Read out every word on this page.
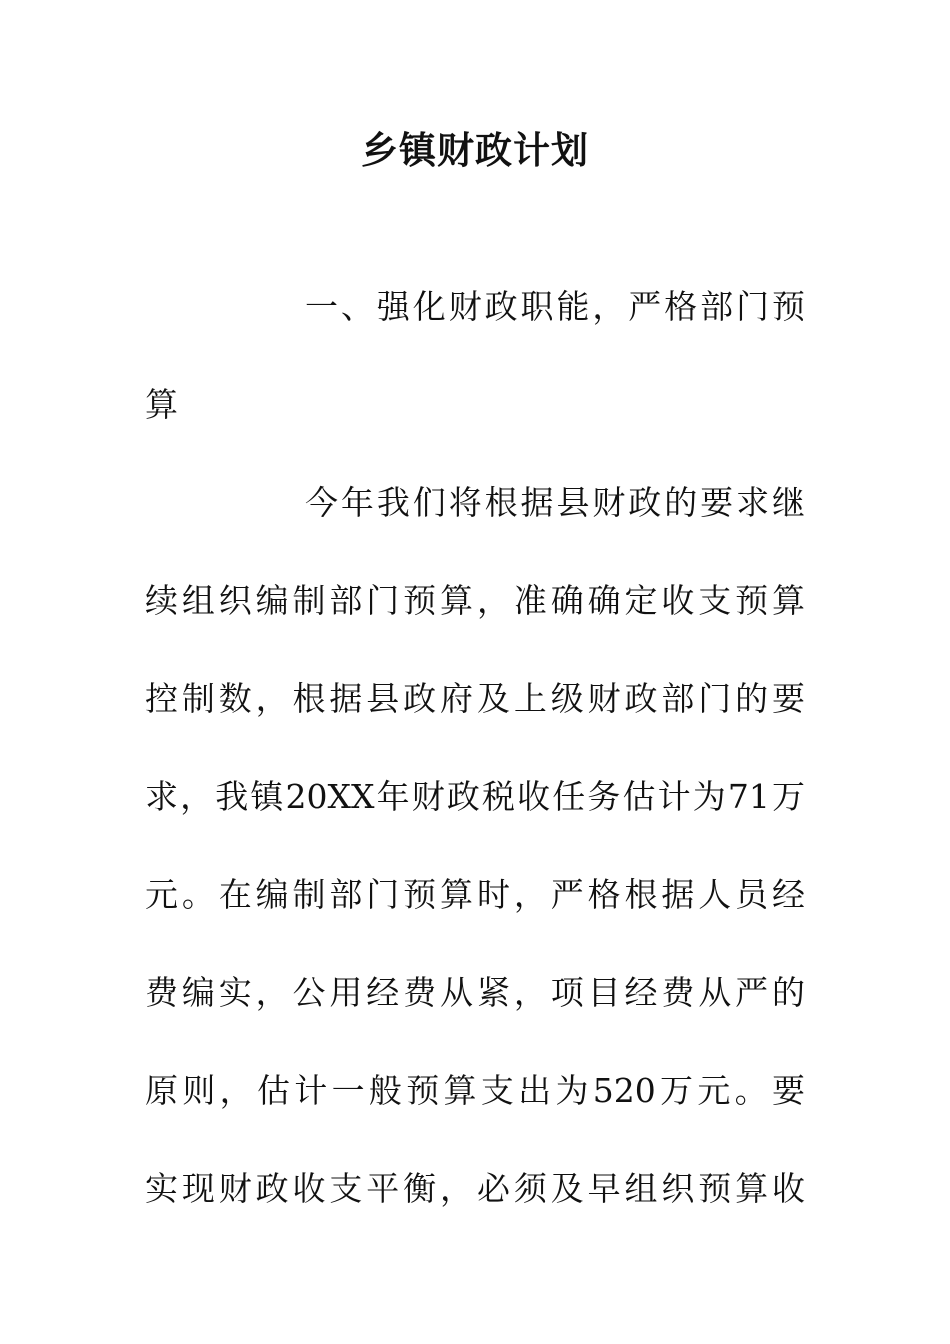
乡镇财政计划
一、强化财政职能，严格部门预
算
今年我们将根据县财政的要求继
续组织编制部门预算，准确确定收支预算
控制数，根据县政府及上级财政部门的要
求，我镇20XX年财政税收任务估计为71万
元。在编制部门预算时，严格根据人员经
费编实，公用经费从紧，项目经费从严的
原则，估计一般预算支出为520万元。要
实现财政收支平衡，必须及早组织预算收
